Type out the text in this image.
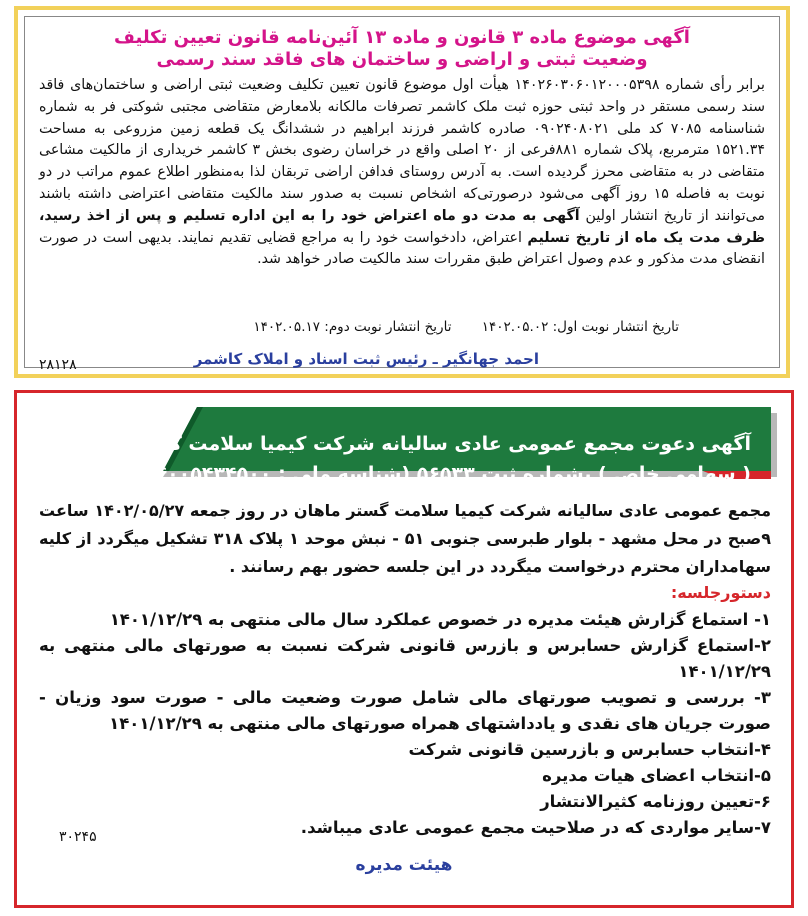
آگهی موضوع ماده ۳ قانون و ماده ۱۳ آئین‌نامه قانون تعیین تکلیف
وضعیت ثبتی و اراضی و ساختمان های فاقد سند رسمی

برابر رأی شماره ۱۴۰۲۶۰۳۰۶۰۱۲۰۰۰۵۳۹۸ هیأت اول موضوع قانون تعیین تکلیف وضعیت ثبتی اراضی و ساختمان‌های فاقد سند رسمی مستقر در واحد ثبتی حوزه ثبت ملک کاشمر تصرفات مالکانه بلامعارض متقاضی مجتبی شوکتی فر به شماره شناسنامه ۷۰۸۵ کد ملی ۰۹۰۲۴۰۸۰۲۱ صادره کاشمر فرزند ابراهیم در ششدانگ یک قطعه زمین مزروعی به مساحت ۱۵۲۱.۳۴ مترمربع، پلاک شماره ۸۸۱فرعی از ۲۰ اصلی واقع در خراسان رضوی بخش ۳ کاشمر خریداری از مالکیت مشاعی متقاضی در به متقاضی محرز گردیده است. به آدرس روستای فدافن اراضی تربقان لذا به‌منظور اطلاع عموم مراتب در دو نوبت به فاصله ۱۵ روز آگهی می‌شود درصورتی‌که اشخاص نسبت به صدور سند مالکیت متقاضی اعتراضی داشته باشند می‌توانند از تاریخ انتشار اولین آگهی به مدت دو ماه اعتراض خود را به این اداره تسلیم و پس از اخذ رسید، ظرف مدت یک ماه از تاریخ تسلیم اعتراض، دادخواست خود را به مراجع قضایی تقدیم نمایند. بدیهی است در صورت انقضای مدت مذکور و عدم وصول اعتراض طبق مقررات سند مالکیت صادر خواهد شد.

تاریخ انتشار نوبت اول: ۱۴۰۲.۰۵.۰۲ تاریخ انتشار نوبت دوم: ۱۴۰۲.۰۵.۱۷
احمد جهانگیر ـ رئیس ثبت اسناد و املاک کاشمر
۲۸۱۲۸
آگهی دعوت مجمع عمومی عادی سالیانه شرکت کیمیا سلامت گستر ماهان
( سهامی خاص ) بشماره ثبت ۵۶۵۳۳ (شناسه ملی : ۱۴۰۰۵۴۳۴۵۰۰)

مجمع عمومی عادی سالیانه شرکت کیمیا سلامت گستر ماهان در روز جمعه ۱۴۰۲/۰۵/۲۷ ساعت ۹صبح در محل مشهد - بلوار طبرسی جنوبی ۵۱ - نبش موحد ۱ پلاک ۳۱۸ تشکیل میگردد از کلیه سهامداران محترم درخواست میگردد در این جلسه حضور بهم رسانند .

دستورجلسه:
۱- استماع گزارش هیئت مدیره در خصوص عملکرد سال مالی منتهی به ۱۴۰۱/۱۲/۲۹
۲-استماع گزارش حسابرس و بازرس قانونی شرکت نسبت به صورتهای مالی منتهی به ۱۴۰۱/۱۲/۲۹
۳- بررسی و تصویب صورتهای مالی شامل صورت وضعیت مالی - صورت سود وزیان - صورت جریان های نقدی و یادداشتهای همراه صورتهای مالی منتهی به ۱۴۰۱/۱۲/۲۹
۴-انتخاب حسابرس و بازرسین قانونی شرکت
۵-انتخاب اعضای هیات مدیره
۶-تعیین روزنامه کثیرالانتشار
۷-سایر مواردی که در صلاحیت مجمع عمومی عادی میباشد.
۳۰۲۴۵
هیئت مدیره
